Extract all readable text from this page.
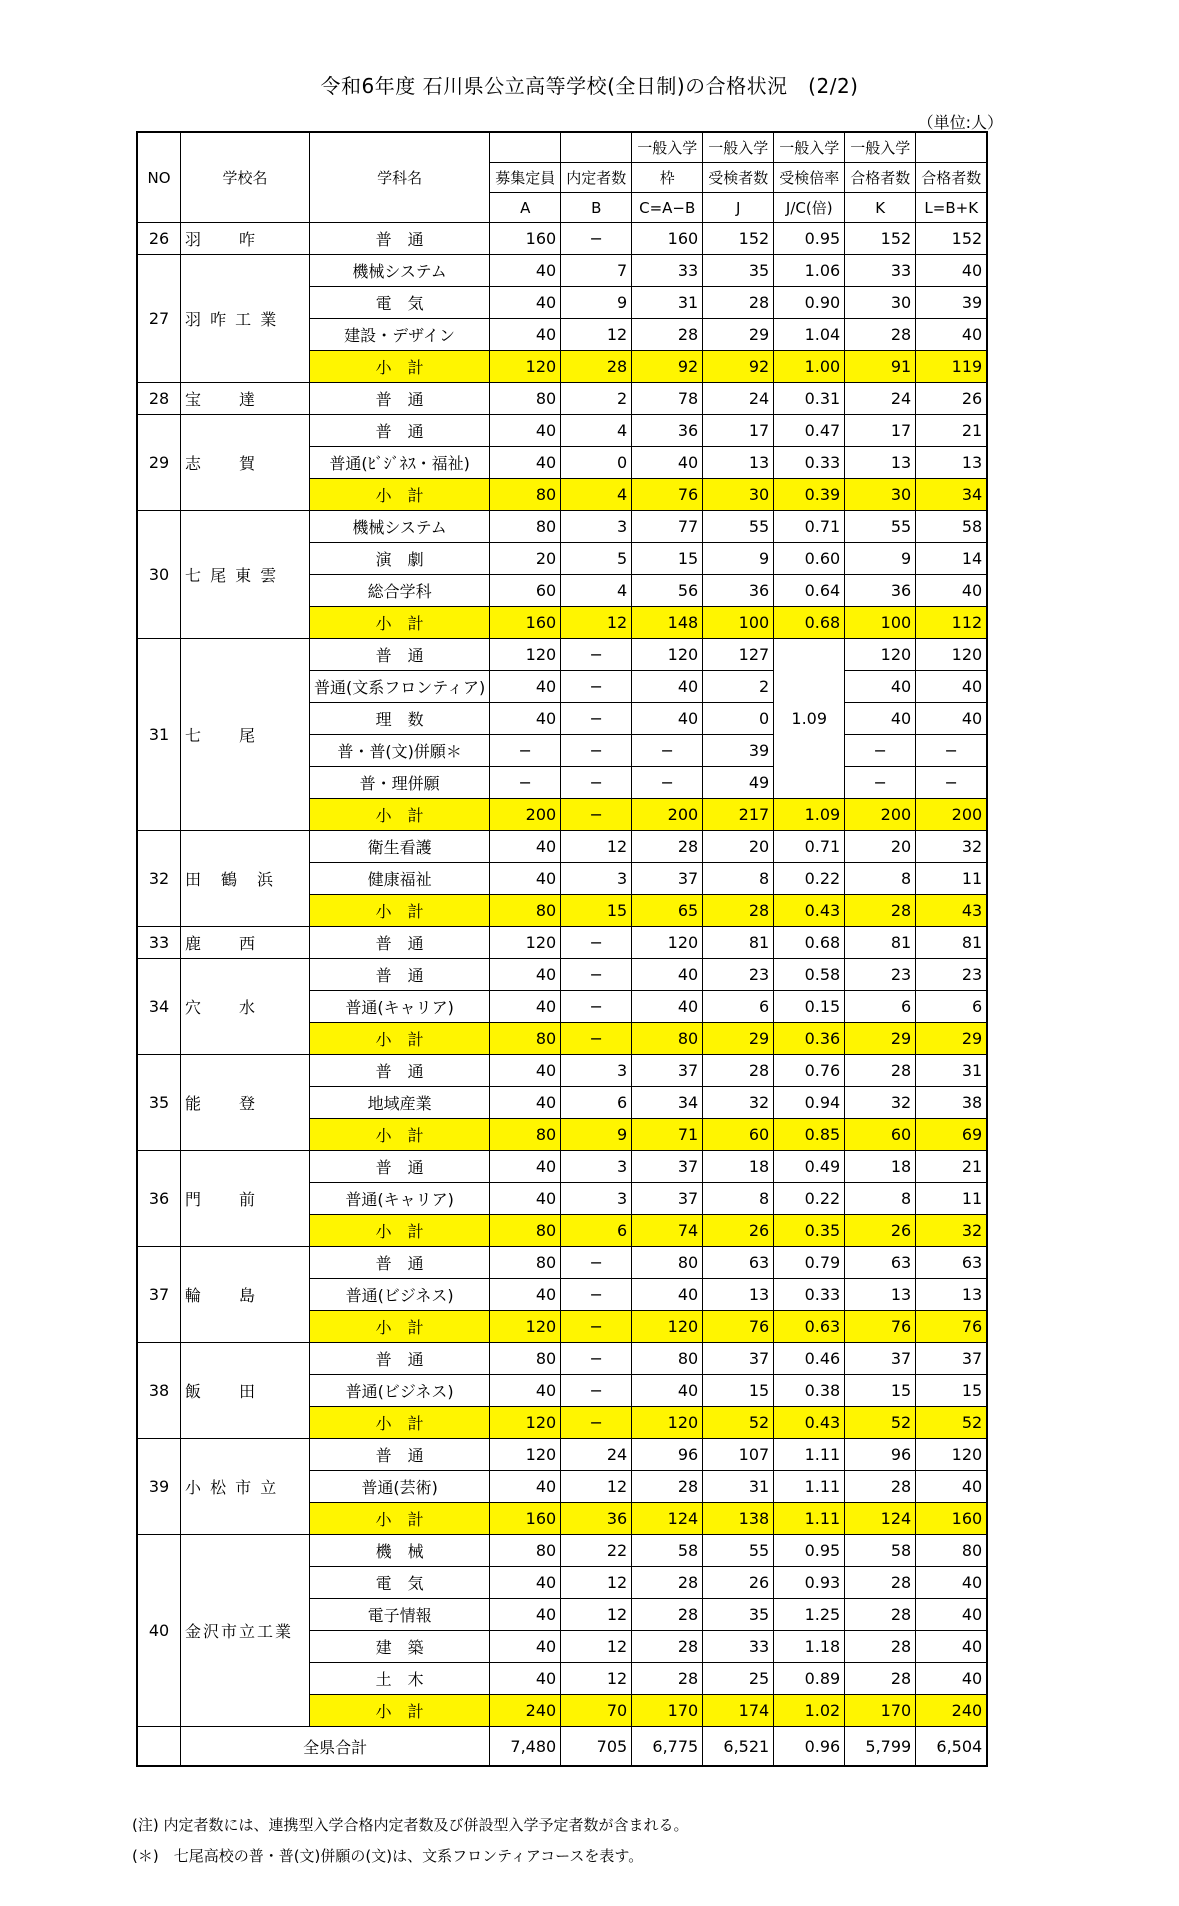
令和6年度 石川県公立高等学校(全日制)の合格状況　(2/2)
（単位:人）
NO	学校名	学科名			一般入学	一般入学	一般入学	一般入学	
			募集定員	内定者数	枠	受検者数	受検倍率	合格者数	合格者数
			A	B	C=A−B	J	J/C(倍)	K	L=B+K
26	羽　　咋	普　通	160	−	160	152	0.95	152	152
27	羽 咋 工 業	機械システム	40	7	33	35	1.06	33	40
		電　気	40	9	31	28	0.90	30	39
		建設・デザイン	40	12	28	29	1.04	28	40
		小　計	120	28	92	92	1.00	91	119
28	宝　　達	普　通	80	2	78	24	0.31	24	26
29	志　　賀	普　通	40	4	36	17	0.47	17	21
		普通(ﾋﾞｼﾞﾈｽ・福祉)	40	0	40	13	0.33	13	13
		小　計	80	4	76	30	0.39	30	34
30	七 尾 東 雲	機械システム	80	3	77	55	0.71	55	58
		演　劇	20	5	15	9	0.60	9	14
		総合学科	60	4	56	36	0.64	36	40
		小　計	160	12	148	100	0.68	100	112
31	七　　尾	普　通	120	−	120	127	1.09	120	120
		普通(文系フロンティア)	40	−	40	2		40	40
		理　数	40	−	40	0		40	40
		普・普(文)併願＊	−	−	−	39		−	−
		普・理併願	−	−	−	49		−	−
		小　計	200	−	200	217	1.09	200	200
32	田　鶴　浜	衛生看護	40	12	28	20	0.71	20	32
		健康福祉	40	3	37	8	0.22	8	11
		小　計	80	15	65	28	0.43	28	43
33	鹿　　西	普　通	120	−	120	81	0.68	81	81
34	穴　　水	普　通	40	−	40	23	0.58	23	23
		普通(キャリア)	40	−	40	6	0.15	6	6
		小　計	80	−	80	29	0.36	29	29
35	能　　登	普　通	40	3	37	28	0.76	28	31
		地域産業	40	6	34	32	0.94	32	38
		小　計	80	9	71	60	0.85	60	69
36	門　　前	普　通	40	3	37	18	0.49	18	21
		普通(キャリア)	40	3	37	8	0.22	8	11
		小　計	80	6	74	26	0.35	26	32
37	輪　　島	普　通	80	−	80	63	0.79	63	63
		普通(ビジネス)	40	−	40	13	0.33	13	13
		小　計	120	−	120	76	0.63	76	76
38	飯　　田	普　通	80	−	80	37	0.46	37	37
		普通(ビジネス)	40	−	40	15	0.38	15	15
		小　計	120	−	120	52	0.43	52	52
39	小 松 市 立	普　通	120	24	96	107	1.11	96	120
		普通(芸術)	40	12	28	31	1.11	28	40
		小　計	160	36	124	138	1.11	124	160
40	金沢市立工業	機　械	80	22	58	55	0.95	58	80
		電　気	40	12	28	26	0.93	28	40
		電子情報	40	12	28	35	1.25	28	40
		建　築	40	12	28	33	1.18	28	40
		土　木	40	12	28	25	0.89	28	40
		小　計	240	70	170	174	1.02	170	240
	全県合計		7,480	705	6,775	6,521	0.96	5,799	6,504
(注) 内定者数には、連携型入学合格内定者数及び併設型入学予定者数が含まれる。
(＊)　七尾高校の普・普(文)併願の(文)は、文系フロンティアコースを表す。
